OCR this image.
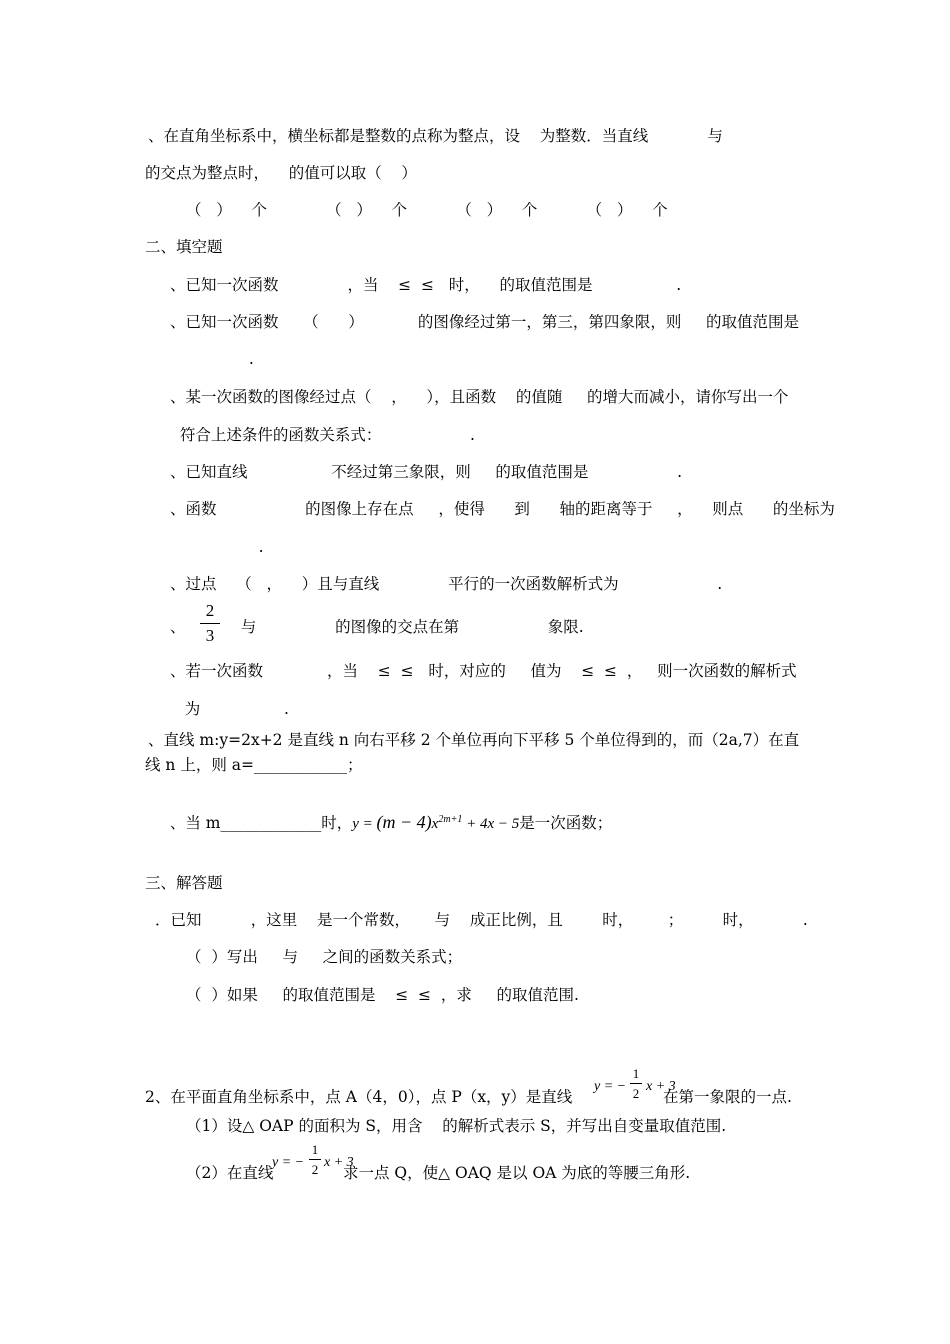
、在直角坐标系中，横坐标都是整数的点称为整点，设    为整数．当直线            与
的交点为整点时，    的值可以取（    ）
（   ）    个            （   ）    个          （   ）    个          （   ）    个
二、填空题
、已知一次函数              ，当    ≤  ≤   时，    的取值范围是                 .
、已知一次函数     （      ）           的图像经过第一，第三，第四象限，则     的取值范围是
.
、某一次函数的图像经过点（    ，    ），且函数    的值随     的增大而减小，请你写出一个
符合上述条件的函数关系式：                  .
、已知直线                 不经过第三象限，则     的取值范围是                  .
、函数                  的图像上存在点     ，使得      到      轴的距离等于     ，    则点      的坐标为
.
、过点    （   ，    ）且与直线              平行的一次函数解析式为                    .
、
2
3 与                的图像的交点在第                  象限.
、若一次函数             ，当    ≤  ≤   时，对应的     值为    ≤  ≤  ，   则一次函数的解析式
为                 .
、直线 m:y=2x+2 是直线 n 向右平移 2 个单位再向下平移 5 个单位得到的，而（2a,7）在直
线 n 上，则 a=____________；

、当 m_____________时，$y = (m - 4)x^{2m+1} + 4x - 5$是一次函数；

三、解答题
．已知          ，这里    是一个常数，     与    成正比例，且        时，       ；        时，          .
（  ）写出     与     之间的函数关系式；
（  ）如果     的取值范围是    ≤  ≤  ，求     的取值范围.
2、在平面直角坐标系中，点 A（4，0），点 P（x，y）是直线
y = −
1
2 x + 3
在第一象限的一点.
（1）设△ OAP 的面积为 S，用含    的解析式表示 S，并写出自变量取值范围.
（2）在直线
y = −
1
2 x + 3
求一点 Q，使△ OAQ 是以 OA 为底的等腰三角形.
